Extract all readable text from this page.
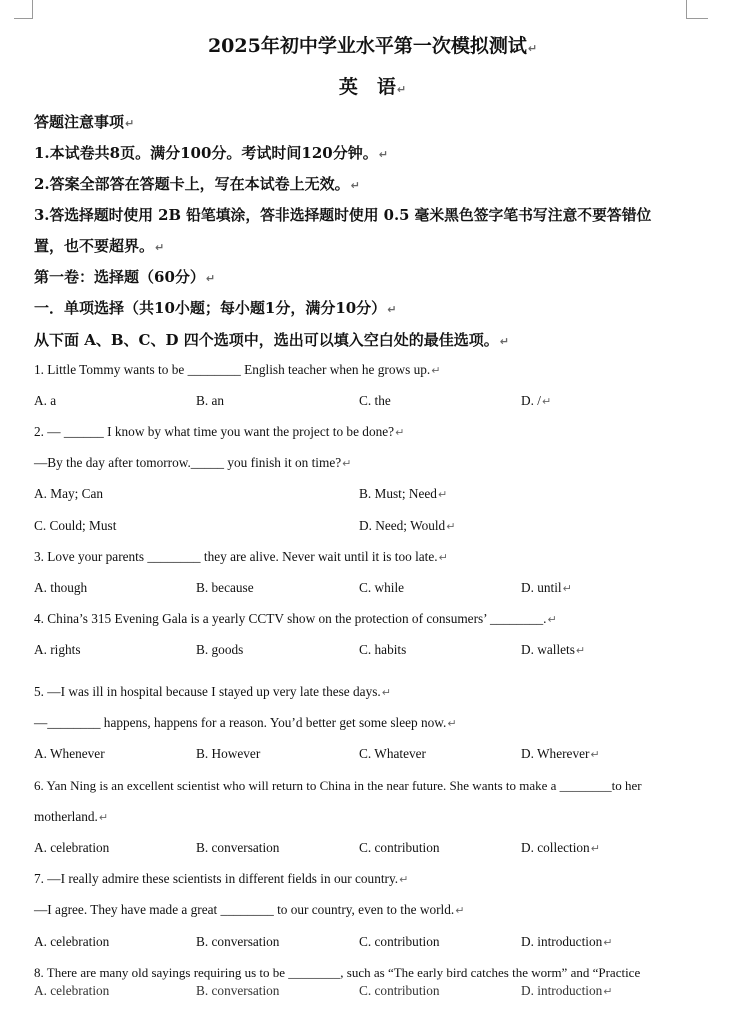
2025年初中学业水平第一次模拟测试↵
英　语↵
答题注意事项↵
1.本试卷共8页。满分100分。考试时间120分钟。↵
2.答案全部答在答题卡上，写在本试卷上无效。↵
3.答选择题时使用 2B 铅笔填涂，答非选择题时使用 0.5 毫米黑色签字笔书写注意不要答错位
置，也不要超界。↵
第一卷：选择题（60分）↵
一．单项选择（共10小题；每小题1分，满分10分）↵
从下面 A、B、C、D 四个选项中，选出可以填入空白处的最佳选项。↵
1. Little Tommy wants to be ________ English teacher when he grows up.↵
A. a	B. an	C. the	D. /↵
2. — ______ I know by what time you want the project to be done?↵
—By the day after tomorrow._____ you finish it on time?↵
A. May; Can	B. Must; Need↵
C. Could; Must	D. Need; Would↵
3. Love your parents ________ they are alive. Never wait until it is too late.↵
A. though	B. because	C. while	D. until↵
4. China’s 315 Evening Gala is a yearly CCTV show on the protection of consumers’ ________.↵
A. rights	B. goods	C. habits	D. wallets↵
5. —I was ill in hospital because I stayed up very late these days.↵
—________ happens, happens for a reason. You’d better get some sleep now.↵
A. Whenever	B. However	C. Whatever	D. Wherever↵
6. Yan Ning is an excellent scientist who will return to China in the near future. She wants to make a ________to her
motherland.↵
A. celebration	B. conversation	C. contribution	D. collection↵
7. —I really admire these scientists in different fields in our country.↵
—I agree. They have made a great ________ to our country, even to the world.↵
A. celebration	B. conversation	C. contribution	D. introduction↵
8. There are many old sayings requiring us to be ________, such as “The early bird catches the worm” and “Practice
A. celebration	B. conversation	C. contribution	D. introduction↵
